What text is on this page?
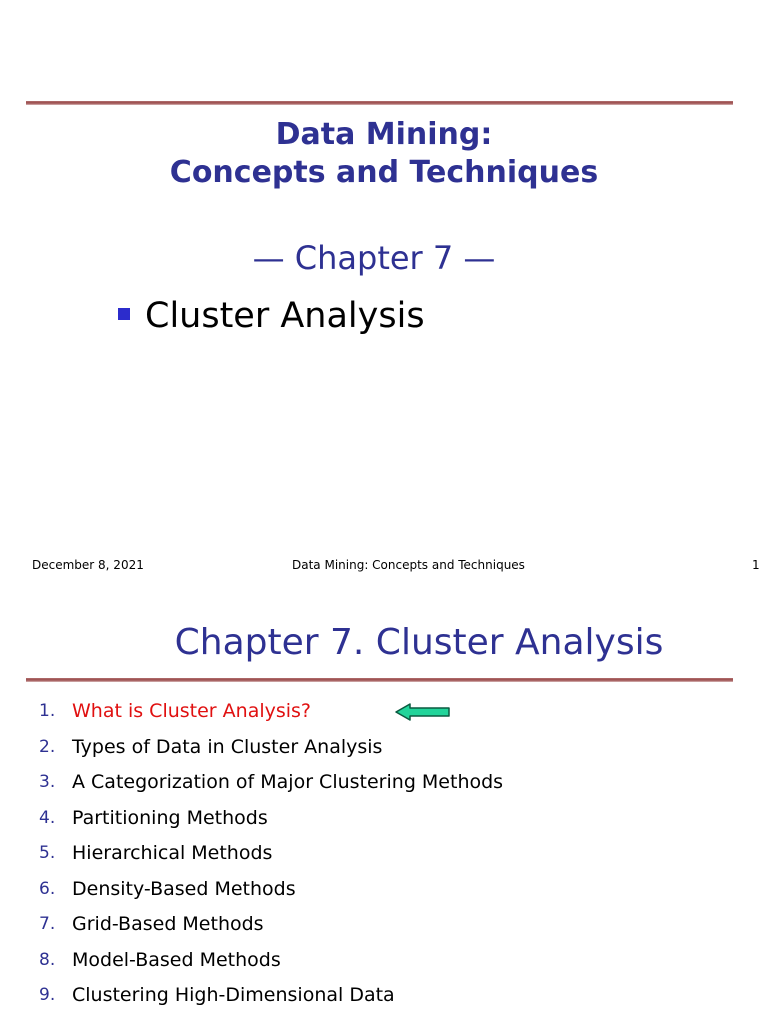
Data Mining:
Concepts and Techniques
— Chapter 7 —
Cluster Analysis
December 8, 2021	Data Mining: Concepts and Techniques	1
Chapter 7. Cluster Analysis
1. What is Cluster Analysis?
2. Types of Data in Cluster Analysis
3. A Categorization of Major Clustering Methods
4. Partitioning Methods
5. Hierarchical Methods
6. Density-Based Methods
7. Grid-Based Methods
8. Model-Based Methods
9. Clustering High-Dimensional Data
